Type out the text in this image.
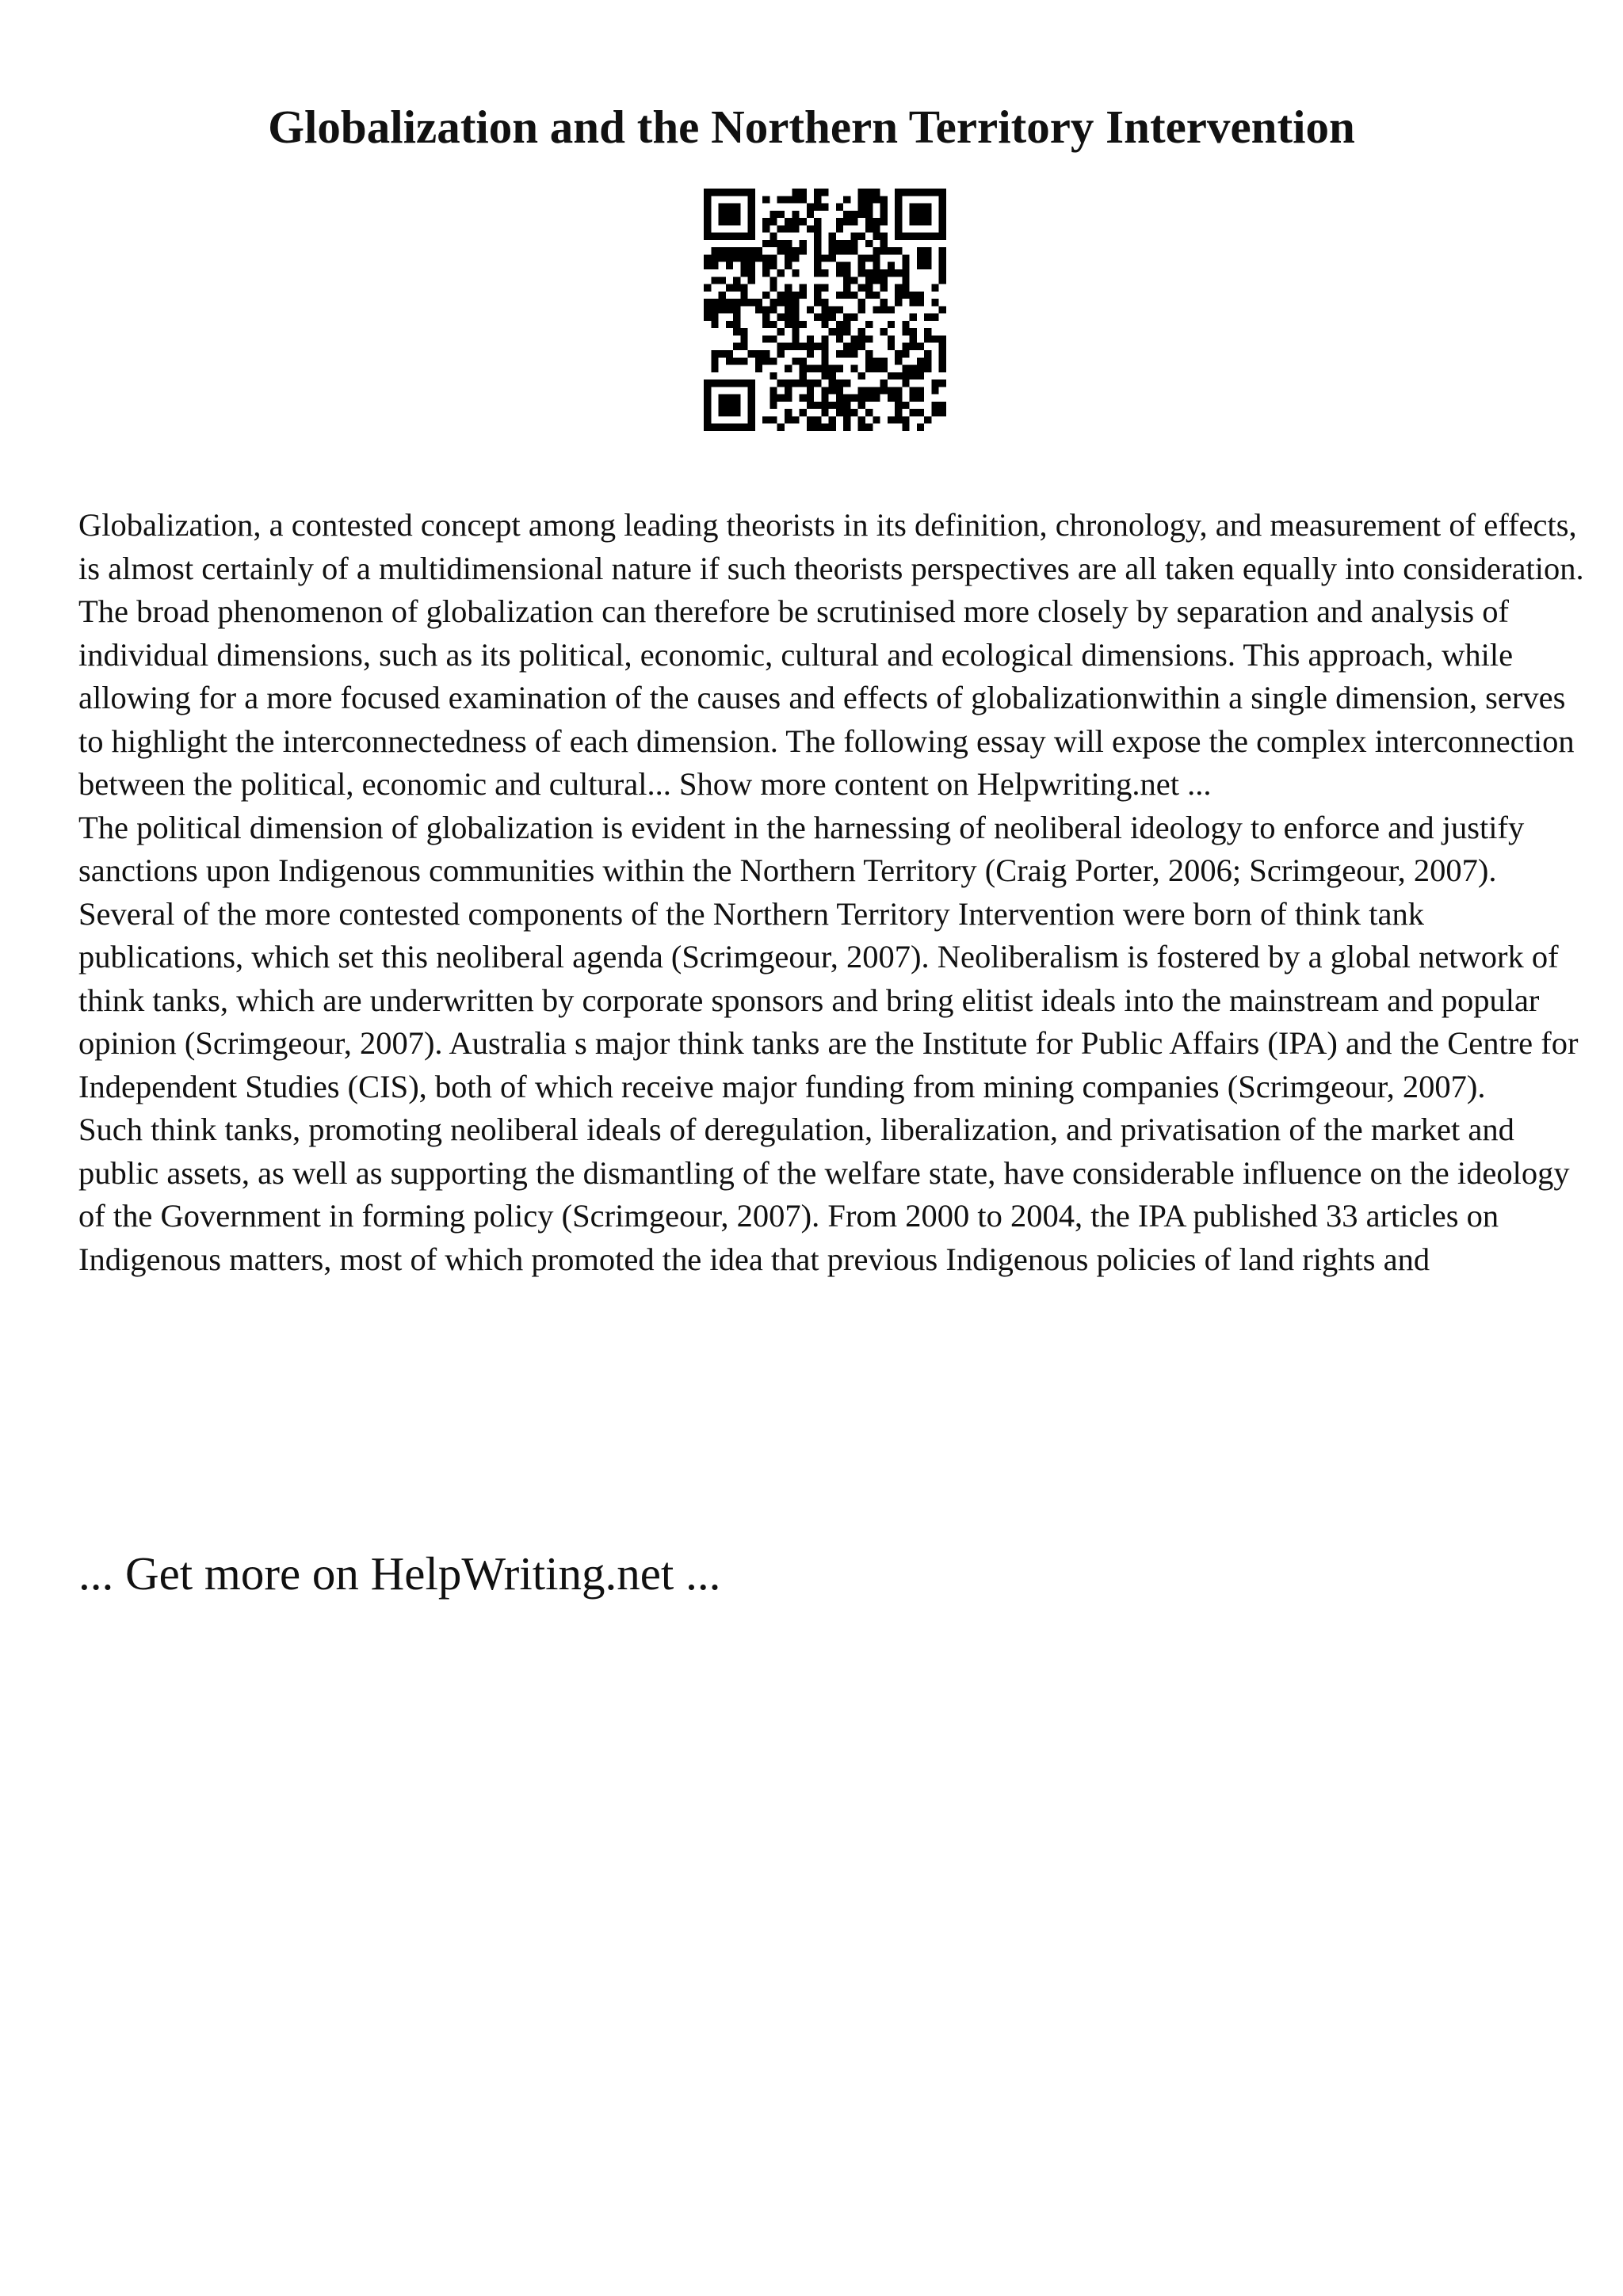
Globalization and the Northern Territory Intervention

Globalization, a contested concept among leading theorists in its definition, chronology, and measurement of effects, is almost certainly of a multidimensional nature if such theorists perspectives are all taken equally into consideration. The broad phenomenon of globalization can therefore be scrutinised more closely by separation and analysis of individual dimensions, such as its political, economic, cultural and ecological dimensions. This approach, while allowing for a more focused examination of the causes and effects of globalizationwithin a single dimension, serves to highlight the interconnectedness of each dimension. The following essay will expose the complex interconnection between the political, economic and cultural... Show more content on Helpwriting.net ...

The political dimension of globalization is evident in the harnessing of neoliberal ideology to enforce and justify sanctions upon Indigenous communities within the Northern Territory (Craig Porter, 2006; Scrimgeour, 2007). Several of the more contested components of the Northern Territory Intervention were born of think tank publications, which set this neoliberal agenda (Scrimgeour, 2007). Neoliberalism is fostered by a global network of think tanks, which are underwritten by corporate sponsors and bring elitist ideals into the mainstream and popular opinion (Scrimgeour, 2007). Australia s major think tanks are the Institute for Public Affairs (IPA) and the Centre for Independent Studies (CIS), both of which receive major funding from mining companies (Scrimgeour, 2007).

Such think tanks, promoting neoliberal ideals of deregulation, liberalization, and privatisation of the market and public assets, as well as supporting the dismantling of the welfare state, have considerable influence on the ideology of the Government in forming policy (Scrimgeour, 2007). From 2000 to 2004, the IPA published 33 articles on Indigenous matters, most of which promoted the idea that previous Indigenous policies of land rights and

... Get more on HelpWriting.net ...
